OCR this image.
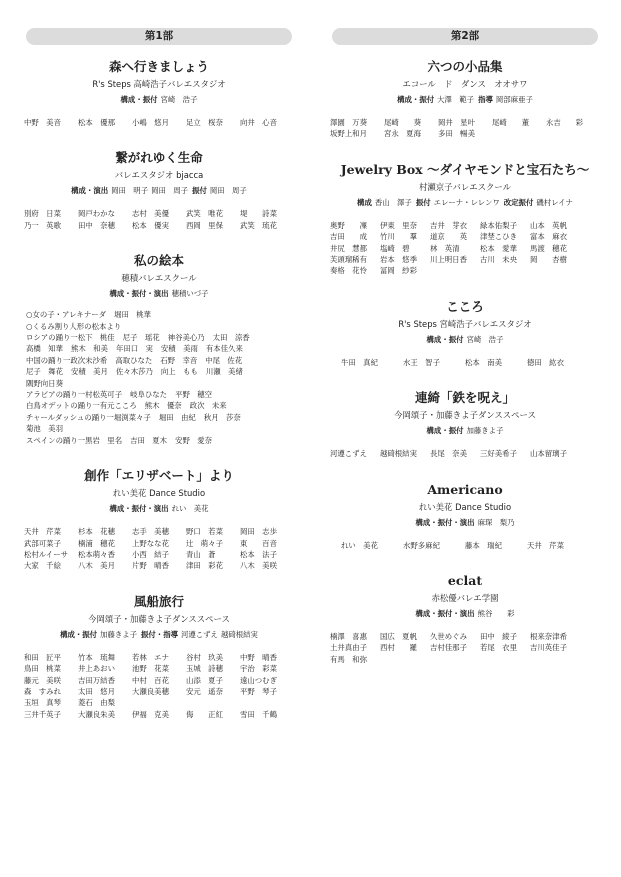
第1部
森へ行きましょう
R's Steps 高崎浩子バレエスタジオ
構成・振付 宮崎　浩子
中野　美音	松本　優那	小嶋　悠月	足立　桜奈	向井　心音
繋がれゆく生命
バレエスタジオ bjacca
構成・演出 岡田　明子 岡田　周子 振付 岡田　周子
別府　日菜	岡戸わかな	志村　美優	武笑　唯花	堤　　詩菜
乃一　英歌	田中　奈穂	松本　優実	西岡　里保	武笑　琉花
私の絵本
穂積バレエスクール
構成・振付・演出 穂積いづ子
○女の子・アレキナーダ 堀田　桃華
○くるみ割り人形の松本より
ロシアの踊り一松下　桃佳 尼子　瑶花 神谷美心乃 太田　涼香
高橋　知華 熊木　和美 年田口　実 安積　美雨 有本佳久来
中国の踊り一政次未沙希 高取ひなた 石野　幸音 中尾　佐花
尼子　舞花 安積　美月 佐々木莎乃 向上　もも 川瀬　美緒
隅野向日葵
アラビアの踊り一村松英可子 岐阜ひなた 平野　穂空
白鳥オデットの踊り一有元こころ 熊木　優奈 政次　未来
チャールダッシュの踊り一堀渕菜々子 堀田　由紀 秋月　莎奈
菊池　美羽
スペインの踊り一黒岩　里名 吉田　夏木 安野　愛奈
創作「エリザベート」より
れい美花 Dance Studio
構成・振付・演出 れい　美花
天井　芹菜	杉本　花穂	志手　美穂	野口　若菜	岡田　志歩
武部可菜子	楠浦　穂花	上野なな花	辻　萌々子	東　　百音
松村ルイーサ	松本萌々香	小西　結子	青山　蒼	松本　法子
大家　千絵	八木　美月	片野　晴香	津田　彩花	八木　美咲
風船旅行
今岡頌子・加藤きよ子ダンススペース
構成・振付 加藤きよ子 振付・指導 河遵こずえ 越碕根結実
和田　匠平	竹本　琉舞	若林　エナ	谷村　玖美	中野　晴香
鳥田　桃菜	井上あおい	池野　花菜	玉城　詩穂	宇治　彩菜
藤元　美咲	吉田万結香	中村　百花	山添　夏子	遠山つむぎ
森　すみれ	太田　悠月	大瀬良美穂	安元　遥奈	平野　琴子
玉垣　真琴	菱石　由梨
三井千英子	大瀬良朱美	伊福　克美	侮　　正紅	雪田　千鶴
第2部
六つの小品集
エコール　ド　ダンス　オオサワ
構成・振付 大澤　範子 指導 岡部麻亜子
澤園　万葵	尾崎　　葵	岡井　星叶	尾崎　　董	永吉　　彩
坂野上和月	宮永　夏海	多田　暢美
Jewelry Box 〜ダイヤモンドと宝石たち〜
村瀬京子バレエスクール
構成 香山　澤子 振付 エレーナ・レレンワ 改定振付 磯村レイナ
奥野　　凜	伊東　里奈	吉井　芽衣	緑本佑梨子	山本　英帆
吉田　　成	竹川　　羣	道京　　英	津埜こひき	富本　麻衣
井尻　慧都	塩崎　碧	林　英清	松本　愛華	馬渡　穂花
芙頭瑠稀有	岩本　悠季	川上明日香	古川　未央	岡　　杏樹
奏格　花怜	冨岡　紗彩
こころ
R's Steps 宮崎浩子バレエスタジオ
構成・振付 宮崎　浩子
牛田　真紀	水王　智子	松本　南美	徳田　紘衣
連綺「鉄を呪え」
今岡頌子・加藤きよ子ダンススペース
構成・振付 加藤きよ子
河遵こずえ	越碕根結実	長尾　奈美	三好美希子	山本留璃子
Americano
れい美花 Dance Studio
構成・振付・演出 麻琛　梨乃
れい　美花	水野多麻紀	藤本　瑞紀	天井　芹菜
eclat
赤松優バレエ学園
構成・振付・演出 熊谷　　彩
楠澤　喜惠	国広　夏帆	久世めぐみ	田中　綾子	根来奈津希
土井真由子	西村　　羅	吉村佳那子	若尾　衣里	吉川英佳子
有馬　和弥
